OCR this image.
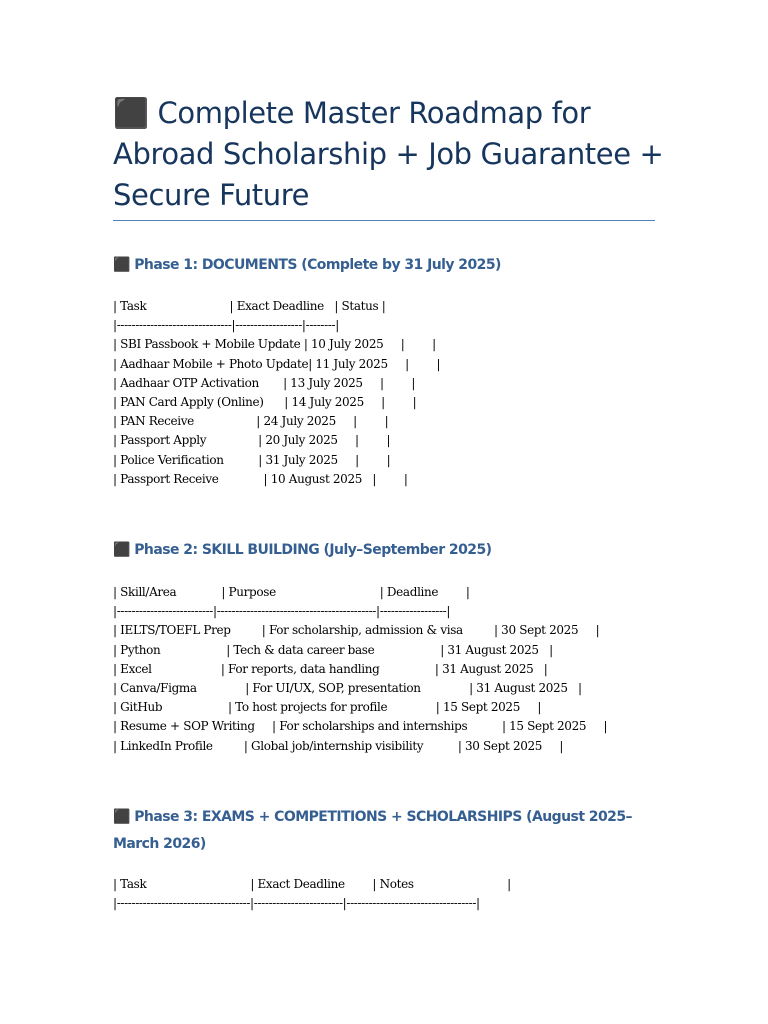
⬛ Complete Master Roadmap for Abroad Scholarship + Job Guarantee + Secure Future
⬛ Phase 1: DOCUMENTS (Complete by 31 July 2025)
| Task                        | Exact Deadline   | Status |
|-------------------------------|------------------|--------|
| SBI Passbook + Mobile Update | 10 July 2025     |        |
| Aadhaar Mobile + Photo Update| 11 July 2025     |        |
| Aadhaar OTP Activation       | 13 July 2025     |        |
| PAN Card Apply (Online)      | 14 July 2025     |        |
| PAN Receive                  | 24 July 2025     |        |
| Passport Apply               | 20 July 2025     |        |
| Police Verification          | 31 July 2025     |        |
| Passport Receive             | 10 August 2025   |        |
⬛ Phase 2: SKILL BUILDING (July–September 2025)
| Skill/Area             | Purpose                              | Deadline        |
|--------------------------|-------------------------------------------|------------------|
| IELTS/TOEFL Prep         | For scholarship, admission & visa         | 30 Sept 2025     |
| Python                   | Tech & data career base                   | 31 August 2025   |
| Excel                    | For reports, data handling                | 31 August 2025   |
| Canva/Figma              | For UI/UX, SOP, presentation              | 31 August 2025   |
| GitHub                   | To host projects for profile              | 15 Sept 2025     |
| Resume + SOP Writing     | For scholarships and internships          | 15 Sept 2025     |
| LinkedIn Profile         | Global job/internship visibility          | 30 Sept 2025     |
⬛ Phase 3: EXAMS + COMPETITIONS + SCHOLARSHIPS (August 2025–March 2026)
| Task                              | Exact Deadline        | Notes                           |
|------------------------------------|------------------------|-----------------------------------|
